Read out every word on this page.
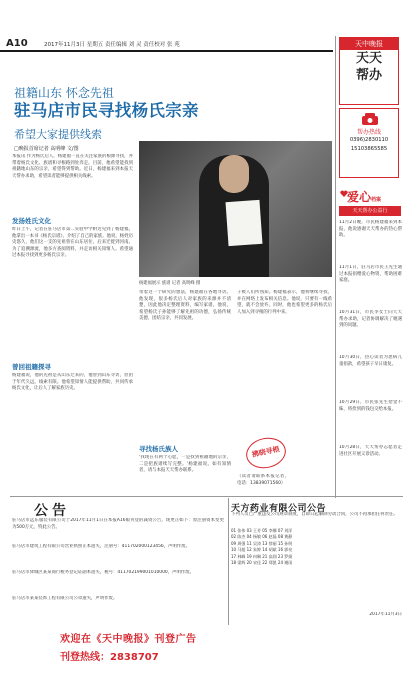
A10	2017年11月3日 星期五 责任编辑 刘 灵 责任校对 张 苑	天中晚报
天天
帮办
帮办热线
0396)2830110
15103865585
祖籍山东 怀念先祖
驻马店市民寻找杨氏宗亲
希望大家提供线索
□晚报首席记者 高明峰 文/图
本报讯 作为杨氏后人，杨建福一直在关注家族的根源寻找，并带着杨氏文化、族谱和寻根路到处奔走。目前，他希望能找到祖籍地山东的宗亲，希望得到帮助。近日，杨建福来到本报天天帮办求助，希望读者能够提供相关线索。
发扬姓氏文化
昨日上午，记者在驻马店市第二实验中学附近见到了杨建福，他拿出一本书《杨氏宗谱》，介绍了自己的家族。他说，杨姓历史悠久，他们这一支的先祖曾在山东居住，后来迁徙到河南。为了追溯源流，他多方查阅资料，并走访相关知情人。希望通过本报寻找到更多杨氏宗亲。
曾回祖籍探寻
杨建福说，他的先祖是从山东迁来的，他曾到山东寻访，但由于年代久远，线索有限。他希望知情人能提供帮助，共同传承杨氏文化，让后人了解家族历史。
杨建福展示 族谱 记者 高明峰 摄
带着这一个研究的想法，杨建福在各地寻访。他发现，很多杨氏后人对家族的来源并不清楚，因此他决定整理资料，编写家谱。他说，希望杨氏子孙能够了解先祖的功德，弘扬传统美德，团结宗亲，共同发展。
寻找杨氏族人
'我现在有两个心愿，一是找到祖籍地的宗亲，二是把族谱续写完整。'杨建福说。如有知情者，请与本报天天帮办联系。
子被人们所熟知。杨建福表示，他将继续寻找，并在网络上发布相关信息。他说，只要有一线希望，就不会放弃。同时，他也希望更多的杨氏后人加入到寻根的行列中来。
（读者请联系本报记者，电话：13839071560）
拂晓寻根
爱心档案
天天帮办公益行
11月2日晚，市民杨建福来到本报，他说感谢天天帮办的热心帮助。
11月1日，驻马店市民王先生通过本报捐赠爱心物资，帮助困难家庭。
10月31日，市民李女士向天天帮办求助，记者协调解决了她遇到的问题。
10月30日，热心读者为患病儿童捐款，希望孩子早日康复。
10月29日，市民张先生拾金不昧，将捡到的钱包交给本报。
10月28日，天天帮办志愿者走进社区开展义诊活动。
公告
驻马店市远东服装有限公司于2017年11月1日在本报A16版刊登的减资公告，现更正如下：原注册资本变更为500万元，特此公告。
驻马店市建筑工程有限公司营业执照正本遗失，注册号：411702000123456，声明作废。
驻马店市驿城区某某商行税务登记证副本遗失，税号：411702199001010000，声明作废。
驻马店市某某装饰工程有限公司公章遗失，声明作废。
天方药业有限公司公告
下列人员已严重违反公司规章制度，自即日起解除劳动合同，公司不再承担任何责任。
01 张伟 03 王芳 05 李娜 07 刘洋
02 陈杰 04 杨敏 06 赵磊 08 黄静
09 周强 11 吴涛 13 徐丽 15 孙明
10 马超 12 朱婷 14 胡斌 16 郭亮
17 林峰 19 何琳 21 高翔 23 罗娟
18 梁辉 20 宋佳 22 郑凯 24 谢雨
2017年11月3日
欢迎在《天中晚报》刊登广告
刊登热线：2838707
